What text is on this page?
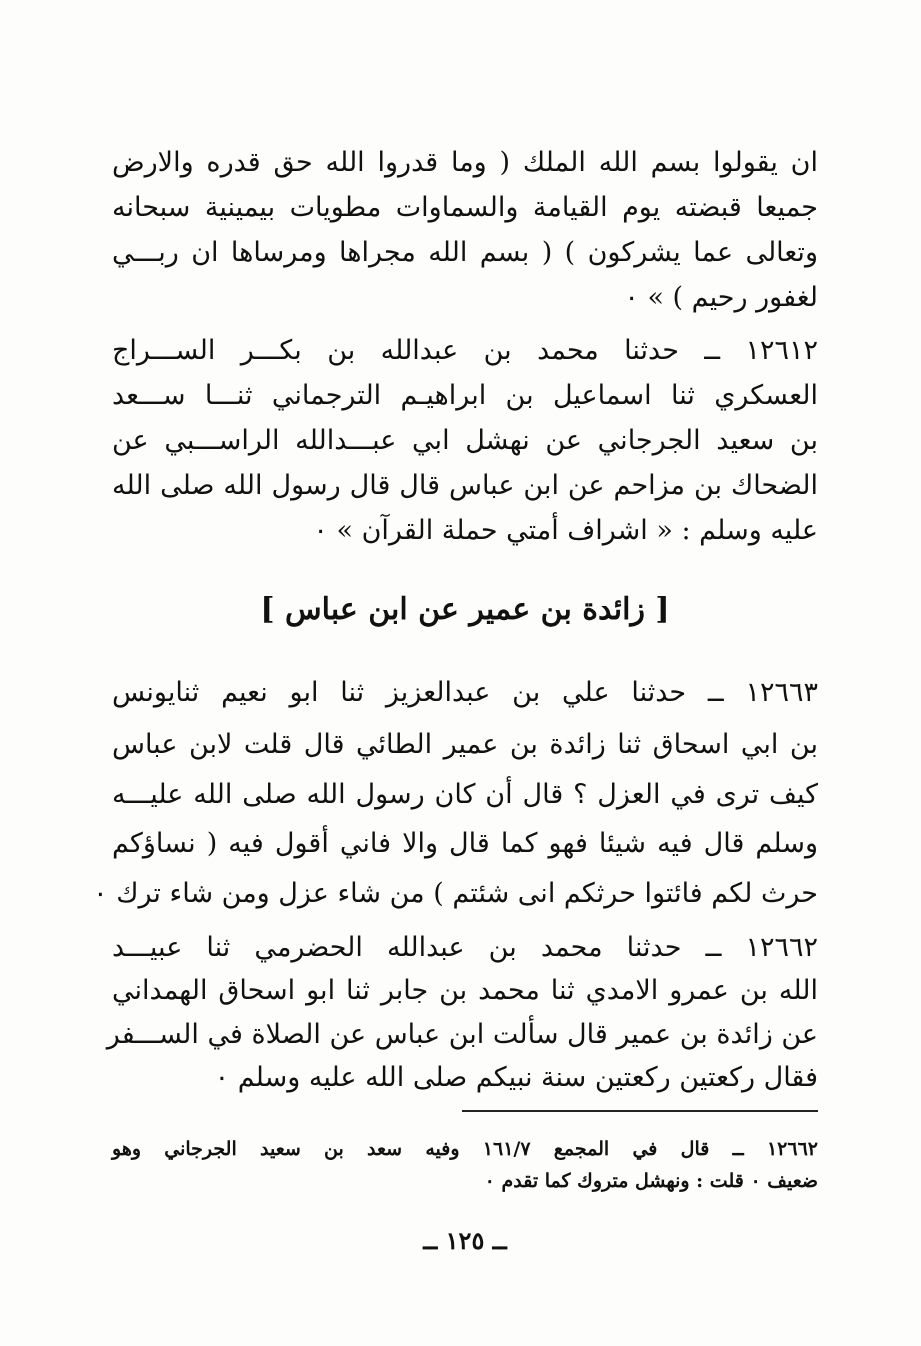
ان يقولوا بسم الله الملك ( وما قدروا الله حق قدره والارض
جميعا قبضته يوم القيامة والسماوات مطويات بيمينية سبحانه
وتعالى عما يشركون ) ( بسم الله مجراها ومرساها ان ربـــي
لغفور رحيم ) » ٠
١٢٦١٢ ــ حدثنا محمد بن عبدالله بن بكـــر الســـراج
العسكري ثنا اسماعيل بن ابراهيـم الترجماني ثنـــا ســـعد
بن سعيد الجرجاني عن نهشل ابي عبـــدالله الراســـبي عن
الضحاك بن مزاحم عن ابن عباس قال قال رسول الله صلى الله
عليه وسلم : « اشراف أمتي حملة القرآن » ٠
[ زائدة بن عمير عن ابن عباس ]
١٢٦٦٣ ــ حدثنا علي بن عبدالعزيز ثنا ابو نعيم ثنايونس
بن ابي اسحاق ثنا زائدة بن عمير الطائي قال قلت لابن عباس
كيف ترى في العزل ؟ قال أن كان رسول الله صلى الله عليـــه
وسلم قال فيه شيئا فهو كما قال والا فاني أقول فيه ( نساؤكم
حرث لكم فائتوا حرثكم انى شئتم ) من شاء عزل ومن شاء ترك ٠
١٢٦٦٢ ــ حدثنا محمد بن عبدالله الحضرمي ثنا عبيـــد
الله بن عمرو الامدي ثنا محمد بن جابر ثنا ابو اسحاق الهمداني
عن زائدة بن عمير قال سألت ابن عباس عن الصلاة في الســـفر
فقال ركعتين ركعتين سنة نبيكم صلى الله عليه وسلم ٠
١٢٦٦٢ ــ قال في المجمع ١٦١/٧ وفيه سعد بن سعيد الجرجاني وهو
ضعيف ٠ قلت : ونهشل متروك كما تقدم ٠
ــ ١٢٥ ــ
